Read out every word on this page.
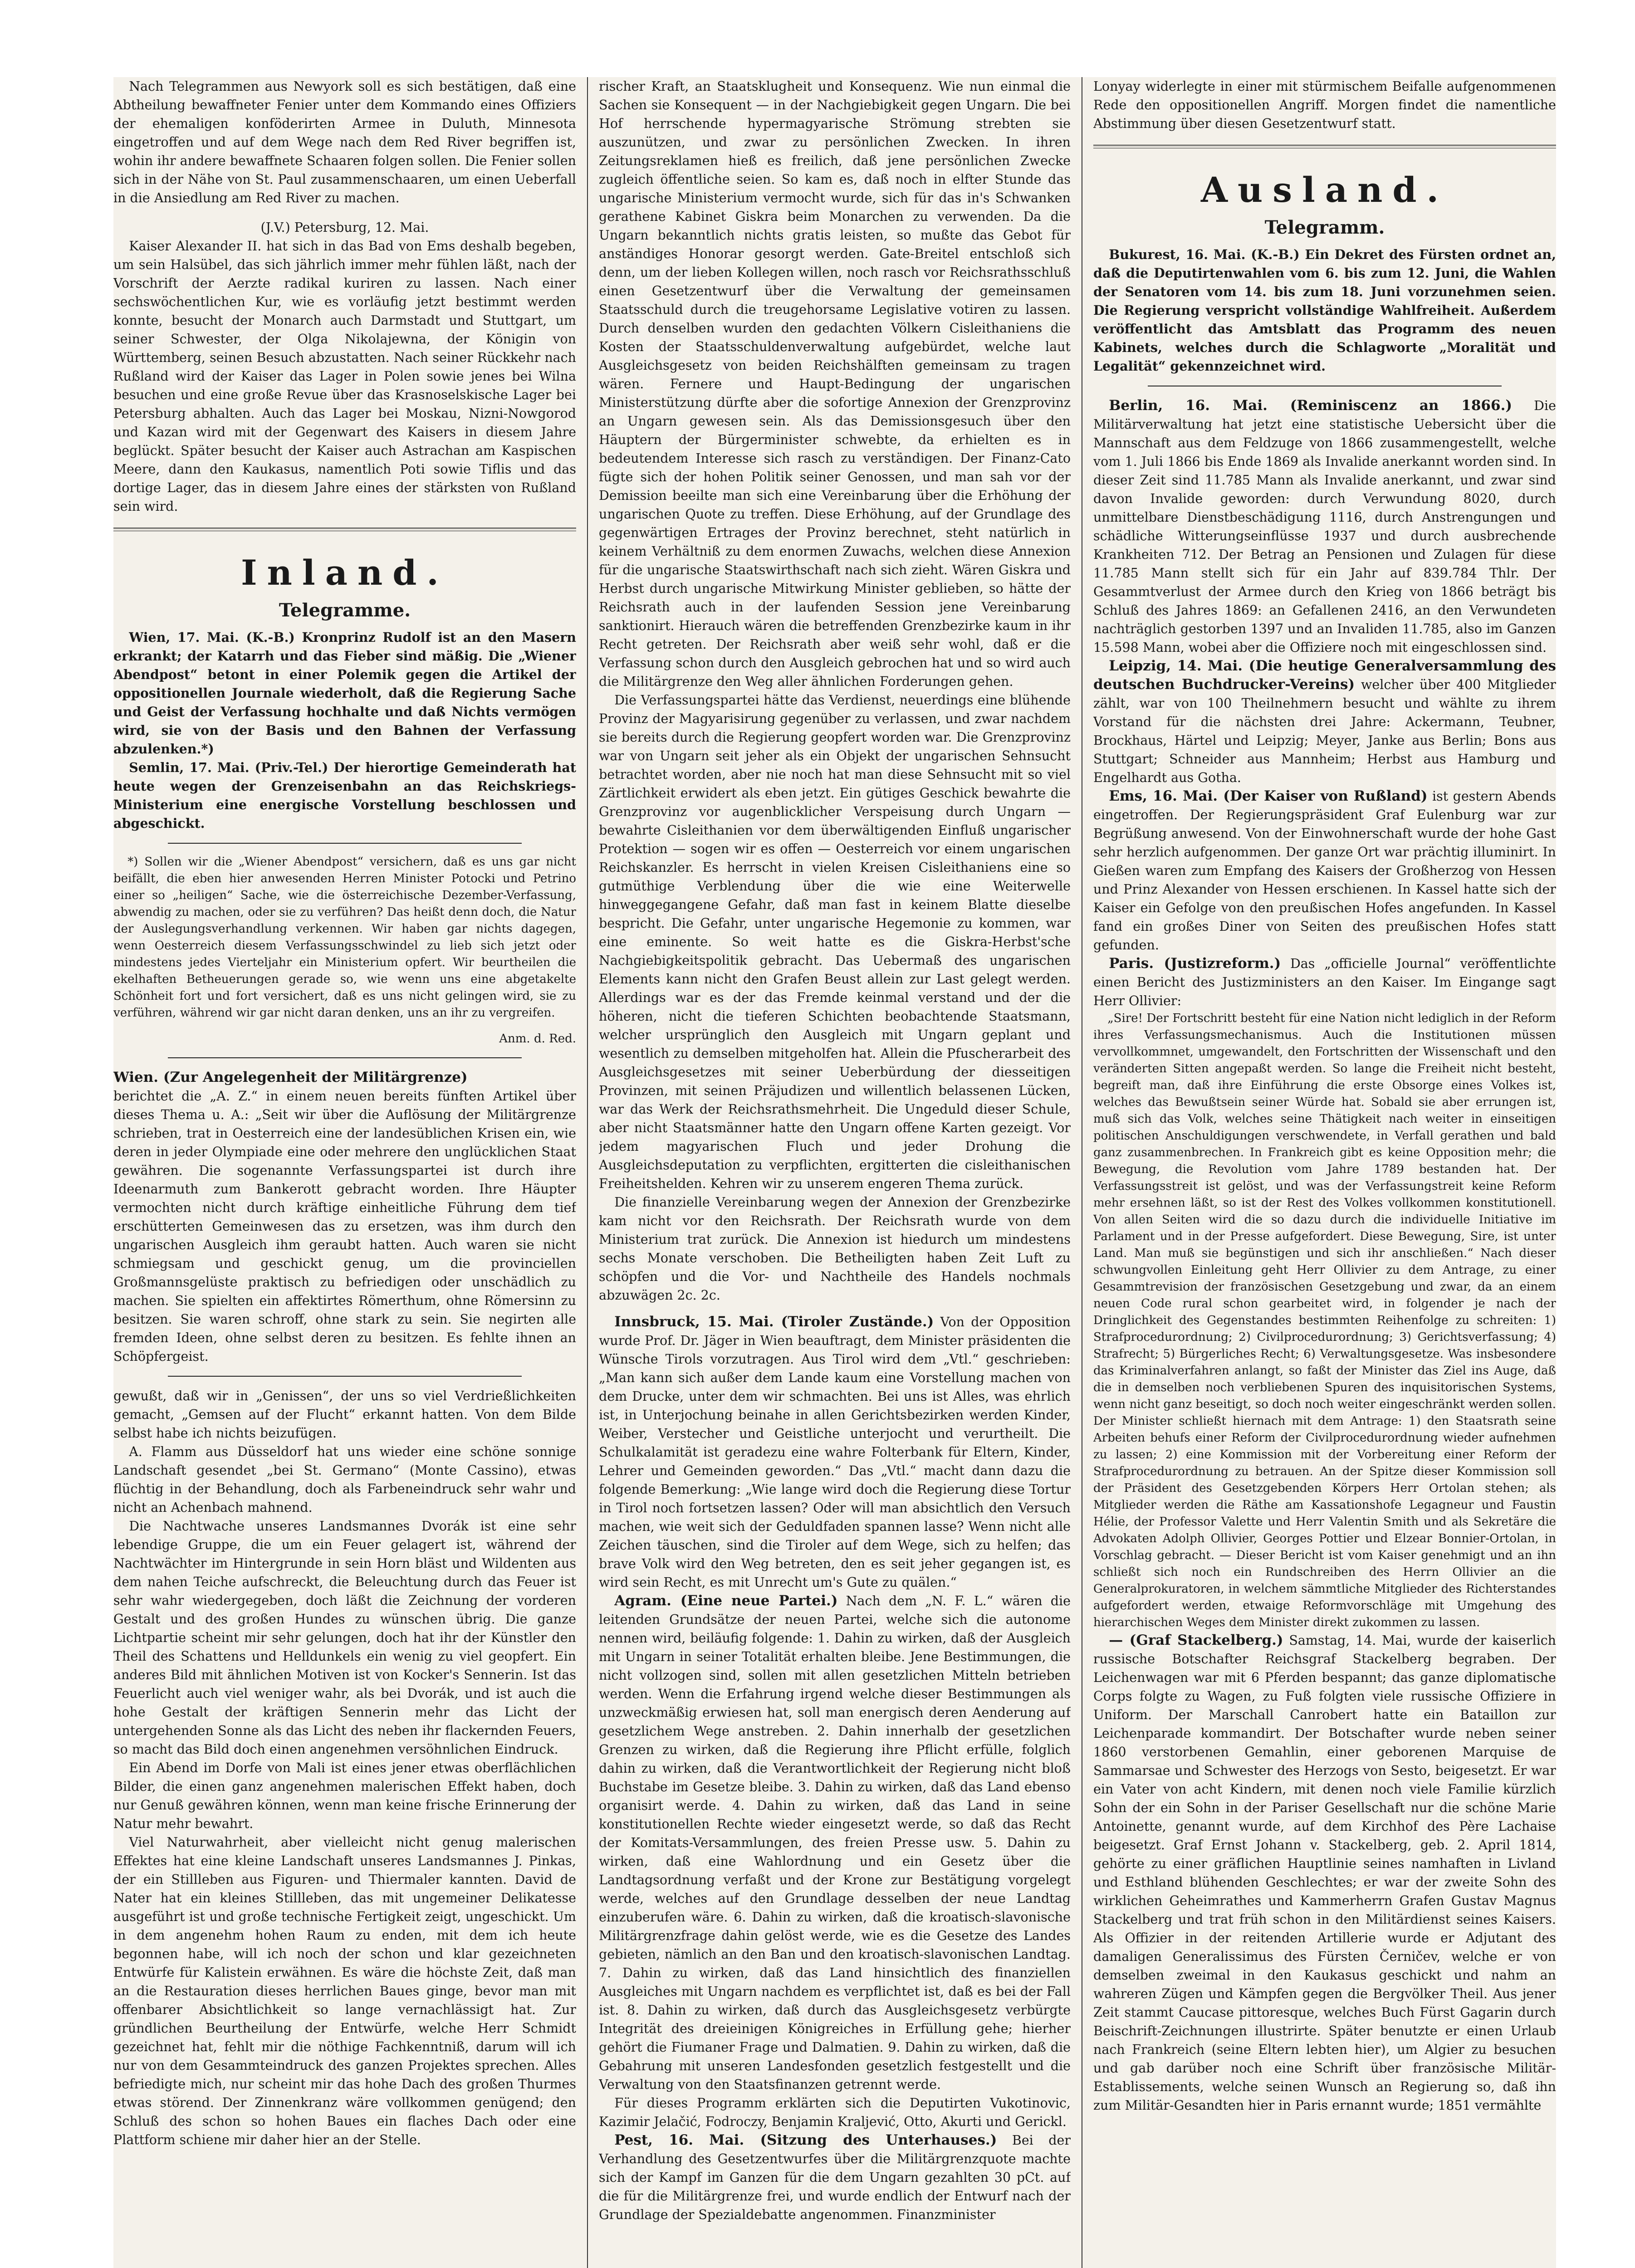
Nach Telegrammen aus Newyork soll es sich bestätigen, daß eine Abtheilung bewaffneter Fenier unter dem Kommando eines Offiziers der ehemaligen konföderirten Armee in Duluth, Minnesota eingetroffen und auf dem Wege nach dem Red River begriffen ist, wohin ihr andere bewaffnete Schaaren folgen sollen. Die Fenier sollen sich in der Nähe von St. Paul zusammenschaaren, um einen Ueberfall in die Ansiedlung am Red River zu machen.

(J.V.) Petersburg, 12. Mai.

Kaiser Alexander II. hat sich in das Bad von Ems deshalb begeben, um sein Halsübel, das sich jährlich immer mehr fühlen läßt, nach der Vorschrift der Aerzte radikal kuriren zu lassen. Nach einer sechswöchentlichen Kur, wie es vorläufig jetzt bestimmt werden konnte, besucht der Monarch auch Darmstadt und Stuttgart, um seiner Schwester, der Olga Nikolajewna, der Königin von Württemberg, seinen Besuch abzustatten. Nach seiner Rückkehr nach Rußland wird der Kaiser das Lager in Polen sowie jenes bei Wilna besuchen und eine große Revue über das Krasnoselskische Lager bei Petersburg abhalten. Auch das Lager bei Moskau, Nizni-Nowgorod und Kazan wird mit der Gegenwart des Kaisers in diesem Jahre beglückt. Später besucht der Kaiser auch Astrachan am Kaspischen Meere, dann den Kaukasus, namentlich Poti sowie Tiflis und das dortige Lager, das in diesem Jahre eines der stärksten von Rußland sein wird.

Inland.
Telegramme.

Wien, 17. Mai. (K.-B.) Kronprinz Rudolf ist an den Masern erkrankt; der Katarrh und das Fieber sind mäßig. Die „Wiener Abendpost“ betont in einer Polemik gegen die Artikel der oppositionellen Journale wiederholt, daß die Regierung Sache und Geist der Verfassung hochhalte und daß Nichts vermögen wird, sie von der Basis und den Bahnen der Verfassung abzulenken.*)

Semlin, 17. Mai. (Priv.-Tel.) Der hierortige Gemeinderath hat heute wegen der Grenzeisenbahn an das Reichskriegs-Ministerium eine energische Vorstellung beschlossen und abgeschickt.

*) Sollen wir die „Wiener Abendpost“ versichern, daß es uns gar nicht beifällt, die eben hier anwesenden Herren Minister Potocki und Petrino einer so „heiligen“ Sache, wie die österreichische Dezember-Verfassung, abwendig zu machen, oder sie zu verführen? Das heißt denn doch, die Natur der Auslegungsverhandlung verkennen. Wir haben gar nichts dagegen, wenn Oesterreich diesem Verfassungsschwindel zu lieb sich jetzt oder mindestens jedes Vierteljahr ein Ministerium opfert. Wir beurtheilen die ekelhaften Betheuerungen gerade so, wie wenn uns eine abgetakelte Schönheit fort und fort versichert, daß es uns nicht gelingen wird, sie zu verführen, während wir gar nicht daran denken, uns an ihr zu vergreifen.

Anm. d. Red.

Wien. (Zur Angelegenheit der Militärgrenze)

berichtet die „A. Z.“ in einem neuen bereits fünften Artikel über dieses Thema u. A.: „Seit wir über die Auflösung der Militärgrenze schrieben, trat in Oesterreich eine der landesüblichen Krisen ein, wie deren in jeder Olympiade eine oder mehrere den unglücklichen Staat gewähren. Die sogenannte Verfassungspartei ist durch ihre Ideenarmuth zum Bankerott gebracht worden. Ihre Häupter vermochten nicht durch kräftige einheitliche Führung dem tief erschütterten Gemeinwesen das zu ersetzen, was ihm durch den ungarischen Ausgleich ihm geraubt hatten. Auch waren sie nicht schmiegsam und geschickt genug, um die provinciellen Großmannsgelüste praktisch zu befriedigen oder unschädlich zu machen. Sie spielten ein affektirtes Römerthum, ohne Römersinn zu besitzen. Sie waren schroff, ohne stark zu sein. Sie negirten alle fremden Ideen, ohne selbst deren zu besitzen. Es fehlte ihnen an Schöpfergeist.

gewußt, daß wir in „Genissen“, der uns so viel Verdrießlichkeiten gemacht, „Gemsen auf der Flucht“ erkannt hatten. Von dem Bilde selbst habe ich nichts beizufügen.

A. Flamm aus Düsseldorf hat uns wieder eine schöne sonnige Landschaft gesendet „bei St. Germano“ (Monte Cassino), etwas flüchtig in der Behandlung, doch als Farbeneindruck sehr wahr und nicht an Achenbach mahnend.

Die Nachtwache unseres Landsmannes Dvorák ist eine sehr lebendige Gruppe, die um ein Feuer gelagert ist, während der Nachtwächter im Hintergrunde in sein Horn bläst und Wildenten aus dem nahen Teiche aufschreckt, die Beleuchtung durch das Feuer ist sehr wahr wiedergegeben, doch läßt die Zeichnung der vorderen Gestalt und des großen Hundes zu wünschen übrig. Die ganze Lichtpartie scheint mir sehr gelungen, doch hat ihr der Künstler den Theil des Schattens und Helldunkels ein wenig zu viel geopfert. Ein anderes Bild mit ähnlichen Motiven ist von Kocker's Sennerin. Ist das Feuerlicht auch viel weniger wahr, als bei Dvorák, und ist auch die hohe Gestalt der kräftigen Sennerin mehr das Licht der untergehenden Sonne als das Licht des neben ihr flackernden Feuers, so macht das Bild doch einen angenehmen versöhnlichen Eindruck.

Ein Abend im Dorfe von Mali ist eines jener etwas oberflächlichen Bilder, die einen ganz angenehmen malerischen Effekt haben, doch nur Genuß gewähren können, wenn man keine frische Erinnerung der Natur mehr bewahrt.

Viel Naturwahrheit, aber vielleicht nicht genug malerischen Effektes hat eine kleine Landschaft unseres Landsmannes J. Pinkas, der ein Stillleben aus Figuren- und Thiermaler kannten. David de Nater hat ein kleines Stillleben, das mit ungemeiner Delikatesse ausgeführt ist und große technische Fertigkeit zeigt, ungeschickt. Um in dem angenehm hohen Raum zu enden, mit dem ich heute begonnen habe, will ich noch der schon und klar gezeichneten Entwürfe für Kalistein erwähnen. Es wäre die höchste Zeit, daß man an die Restauration dieses herrlichen Baues ginge, bevor man mit offenbarer Absichtlichkeit so lange vernachlässigt hat. Zur gründlichen Beurtheilung der Entwürfe, welche Herr Schmidt gezeichnet hat, fehlt mir die nöthige Fachkenntniß, darum will ich nur von dem Gesammteindruck des ganzen Projektes sprechen. Alles befriedigte mich, nur scheint mir das hohe Dach des großen Thurmes etwas störend. Der Zinnenkranz wäre vollkommen genügend; den Schluß des schon so hohen Baues ein flaches Dach oder eine Plattform schiene mir daher hier an der Stelle.

rischer Kraft, an Staatsklugheit und Konsequenz. Wie nun einmal die Sachen sie Konsequent — in der Nachgiebigkeit gegen Ungarn. Die bei Hof herrschende hypermagyarische Strömung strebten sie auszunützen, und zwar zu persönlichen Zwecken. In ihren Zeitungsreklamen hieß es freilich, daß jene persönlichen Zwecke zugleich öffentliche seien. So kam es, daß noch in elfter Stunde das ungarische Ministerium vermocht wurde, sich für das in's Schwanken gerathene Kabinet Giskra beim Monarchen zu verwenden. Da die Ungarn bekanntlich nichts gratis leisten, so mußte das Gebot für anständiges Honorar gesorgt werden. Gate-Breitel entschloß sich denn, um der lieben Kollegen willen, noch rasch vor Reichsrathsschluß einen Gesetzentwurf über die Verwaltung der gemeinsamen Staatsschuld durch die treugehorsame Legislative votiren zu lassen. Durch denselben wurden den gedachten Völkern Cisleithaniens die Kosten der Staatsschuldenverwaltung aufgebürdet, welche laut Ausgleichsgesetz von beiden Reichshälften gemeinsam zu tragen wären. Fernere und Haupt-Bedingung der ungarischen Ministerstützung dürfte aber die sofortige Annexion der Grenzprovinz an Ungarn gewesen sein. Als das Demissionsgesuch über den Häuptern der Bürgerminister schwebte, da erhielten es in bedeutendem Interesse sich rasch zu verständigen. Der Finanz-Cato fügte sich der hohen Politik seiner Genossen, und man sah vor der Demission beeilte man sich eine Vereinbarung über die Erhöhung der ungarischen Quote zu treffen. Diese Erhöhung, auf der Grundlage des gegenwärtigen Ertrages der Provinz berechnet, steht natürlich in keinem Verhältniß zu dem enormen Zuwachs, welchen diese Annexion für die ungarische Staatswirthschaft nach sich zieht. Wären Giskra und Herbst durch ungarische Mitwirkung Minister geblieben, so hätte der Reichsrath auch in der laufenden Session jene Vereinbarung sanktionirt. Hierauch wären die betreffenden Grenzbezirke kaum in ihr Recht getreten. Der Reichsrath aber weiß sehr wohl, daß er die Verfassung schon durch den Ausgleich gebrochen hat und so wird auch die Militärgrenze den Weg aller ähnlichen Forderungen gehen.

Die Verfassungspartei hätte das Verdienst, neuerdings eine blühende Provinz der Magyarisirung gegenüber zu verlassen, und zwar nachdem sie bereits durch die Regierung geopfert worden war. Die Grenzprovinz war von Ungarn seit jeher als ein Objekt der ungarischen Sehnsucht betrachtet worden, aber nie noch hat man diese Sehnsucht mit so viel Zärtlichkeit erwidert als eben jetzt. Ein gütiges Geschick bewahrte die Grenzprovinz vor augenblicklicher Verspeisung durch Ungarn — bewahrte Cisleithanien vor dem überwältigenden Einfluß ungarischer Protektion — sogen wir es offen — Oesterreich vor einem ungarischen Reichskanzler. Es herrscht in vielen Kreisen Cisleithaniens eine so gutmüthige Verblendung über die wie eine Weiterwelle hinweggegangene Gefahr, daß man fast in keinem Blatte dieselbe bespricht. Die Gefahr, unter ungarische Hegemonie zu kommen, war eine eminente. So weit hatte es die Giskra-Herbst'sche Nachgiebigkeitspolitik gebracht. Das Uebermaß des ungarischen Elements kann nicht den Grafen Beust allein zur Last gelegt werden. Allerdings war es der das Fremde keinmal verstand und der die höheren, nicht die tieferen Schichten beobachtende Staatsmann, welcher ursprünglich den Ausgleich mit Ungarn geplant und wesentlich zu demselben mitgeholfen hat. Allein die Pfuscherarbeit des Ausgleichsgesetzes mit seiner Ueberbürdung der diesseitigen Provinzen, mit seinen Präjudizen und willentlich belassenen Lücken, war das Werk der Reichsrathsmehrheit. Die Ungeduld dieser Schule, aber nicht Staatsmänner hatte den Ungarn offene Karten gezeigt. Vor jedem magyarischen Fluch und jeder Drohung die Ausgleichsdeputation zu verpflichten, ergitterten die cisleithanischen Freiheitshelden. Kehren wir zu unserem engeren Thema zurück.

Die finanzielle Vereinbarung wegen der Annexion der Grenzbezirke kam nicht vor den Reichsrath. Der Reichsrath wurde von dem Ministerium trat zurück. Die Annexion ist hiedurch um mindestens sechs Monate verschoben. Die Betheiligten haben Zeit Luft zu schöpfen und die Vor- und Nachtheile des Handels nochmals abzuwägen 2c. 2c.

Innsbruck, 15. Mai. (Tiroler Zustände.) Von der Opposition wurde Prof. Dr. Jäger in Wien beauftragt, dem Minister präsidenten die Wünsche Tirols vorzutragen. Aus Tirol wird dem „Vtl.“ geschrieben: „Man kann sich außer dem Lande kaum eine Vorstellung machen von dem Drucke, unter dem wir schmachten. Bei uns ist Alles, was ehrlich ist, in Unterjochung beinahe in allen Gerichtsbezirken werden Kinder, Weiber, Verstecher und Geistliche unterjocht und verurtheilt. Die Schulkalamität ist geradezu eine wahre Folterbank für Eltern, Kinder, Lehrer und Gemeinden geworden.“ Das „Vtl.“ macht dann dazu die folgende Bemerkung: „Wie lange wird doch die Regierung diese Tortur in Tirol noch fortsetzen lassen? Oder will man absichtlich den Versuch machen, wie weit sich der Geduldfaden spannen lasse? Wenn nicht alle Zeichen täuschen, sind die Tiroler auf dem Wege, sich zu helfen; das brave Volk wird den Weg betreten, den es seit jeher gegangen ist, es wird sein Recht, es mit Unrecht um's Gute zu quälen.“

Agram. (Eine neue Partei.) Nach dem „N. F. L.“ wären die leitenden Grundsätze der neuen Partei, welche sich die autonome nennen wird, beiläufig folgende: 1. Dahin zu wirken, daß der Ausgleich mit Ungarn in seiner Totalität erhalten bleibe. Jene Bestimmungen, die nicht vollzogen sind, sollen mit allen gesetzlichen Mitteln betrieben werden. Wenn die Erfahrung irgend welche dieser Bestimmungen als unzweckmäßig erwiesen hat, soll man energisch deren Aenderung auf gesetzlichem Wege anstreben. 2. Dahin innerhalb der gesetzlichen Grenzen zu wirken, daß die Regierung ihre Pflicht erfülle, folglich dahin zu wirken, daß die Verantwortlichkeit der Regierung nicht bloß Buchstabe im Gesetze bleibe. 3. Dahin zu wirken, daß das Land ebenso organisirt werde. 4. Dahin zu wirken, daß das Land in seine konstitutionellen Rechte wieder eingesetzt werde, so daß das Recht der Komitats-Versammlungen, des freien Presse usw. 5. Dahin zu wirken, daß eine Wahlordnung und ein Gesetz über die Landtagsordnung verfaßt und der Krone zur Bestätigung vorgelegt werde, welches auf den Grundlage desselben der neue Landtag einzuberufen wäre. 6. Dahin zu wirken, daß die kroatisch-slavonische Militärgrenzfrage dahin gelöst werde, wie es die Gesetze des Landes gebieten, nämlich an den Ban und den kroatisch-slavonischen Landtag. 7. Dahin zu wirken, daß das Land hinsichtlich des finanziellen Ausgleiches mit Ungarn nachdem es verpflichtet ist, daß es bei der Fall ist. 8. Dahin zu wirken, daß durch das Ausgleichsgesetz verbürgte Integrität des dreieinigen Königreiches in Erfüllung gehe; hierher gehört die Fiumaner Frage und Dalmatien. 9. Dahin zu wirken, daß die Gebahrung mit unseren Landesfonden gesetzlich festgestellt und die Verwaltung von den Staatsfinanzen getrennt werde.

Für dieses Programm erklärten sich die Deputirten Vukotinovic, Kazimir Jelačić, Fodroczy, Benjamin Kraljević, Otto, Akurti und Gerickl.

Pest, 16. Mai. (Sitzung des Unterhauses.) Bei der Verhandlung des Gesetzentwurfes über die Militärgrenzquote machte sich der Kampf im Ganzen für die dem Ungarn gezahlten 30 pCt. auf die für die Militärgrenze frei, und wurde endlich der Entwurf nach der Grundlage der Spezialdebatte angenommen. Finanzminister

Lonyay widerlegte in einer mit stürmischem Beifalle aufgenommenen Rede den oppositionellen Angriff. Morgen findet die namentliche Abstimmung über diesen Gesetzentwurf statt.

Ausland.
Telegramm.

Bukurest, 16. Mai. (K.-B.) Ein Dekret des Fürsten ordnet an, daß die Deputirtenwahlen vom 6. bis zum 12. Juni, die Wahlen der Senatoren vom 14. bis zum 18. Juni vorzunehmen seien. Die Regierung verspricht vollständige Wahlfreiheit. Außerdem veröffentlicht das Amtsblatt das Programm des neuen Kabinets, welches durch die Schlagworte „Moralität und Legalität“ gekennzeichnet wird.

Berlin, 16. Mai. (Reminiscenz an 1866.) Die Militärverwaltung hat jetzt eine statistische Uebersicht über die Mannschaft aus dem Feldzuge von 1866 zusammengestellt, welche vom 1. Juli 1866 bis Ende 1869 als Invalide anerkannt worden sind. In dieser Zeit sind 11.785 Mann als Invalide anerkannt, und zwar sind davon Invalide geworden: durch Verwundung 8020, durch unmittelbare Dienstbeschädigung 1116, durch Anstrengungen und schädliche Witterungseinflüsse 1937 und durch ausbrechende Krankheiten 712. Der Betrag an Pensionen und Zulagen für diese 11.785 Mann stellt sich für ein Jahr auf 839.784 Thlr. Der Gesammtverlust der Armee durch den Krieg von 1866 beträgt bis Schluß des Jahres 1869: an Gefallenen 2416, an den Verwundeten nachträglich gestorben 1397 und an Invaliden 11.785, also im Ganzen 15.598 Mann, wobei aber die Offiziere noch mit eingeschlossen sind.

Leipzig, 14. Mai. (Die heutige Generalversammlung des deutschen Buchdrucker-Vereins) welcher über 400 Mitglieder zählt, war von 100 Theilnehmern besucht und wählte zu ihrem Vorstand für die nächsten drei Jahre: Ackermann, Teubner, Brockhaus, Härtel und Leipzig; Meyer, Janke aus Berlin; Bons aus Stuttgart; Schneider aus Mannheim; Herbst aus Hamburg und Engelhardt aus Gotha.

Ems, 16. Mai. (Der Kaiser von Rußland) ist gestern Abends eingetroffen. Der Regierungspräsident Graf Eulenburg war zur Begrüßung anwesend. Von der Einwohnerschaft wurde der hohe Gast sehr herzlich aufgenommen. Der ganze Ort war prächtig illuminirt. In Gießen waren zum Empfang des Kaisers der Großherzog von Hessen und Prinz Alexander von Hessen erschienen. In Kassel hatte sich der Kaiser ein Gefolge von den preußischen Hofes angefunden. In Kassel fand ein großes Diner von Seiten des preußischen Hofes statt gefunden.

Paris. (Justizreform.) Das „officielle Journal“ veröffentlichte einen Bericht des Justizministers an den Kaiser. Im Eingange sagt Herr Ollivier:

„Sire! Der Fortschritt besteht für eine Nation nicht lediglich in der Reform ihres Verfassungsmechanismus. Auch die Institutionen müssen vervollkommnet, umgewandelt, den Fortschritten der Wissenschaft und den veränderten Sitten angepaßt werden. So lange die Freiheit nicht besteht, begreift man, daß ihre Einführung die erste Obsorge eines Volkes ist, welches das Bewußtsein seiner Würde hat. Sobald sie aber errungen ist, muß sich das Volk, welches seine Thätigkeit nach weiter in einseitigen politischen Anschuldigungen verschwendete, in Verfall gerathen und bald ganz zusammenbrechen. In Frankreich gibt es keine Opposition mehr; die Bewegung, die Revolution vom Jahre 1789 bestanden hat. Der Verfassungsstreit ist gelöst, und was der Verfassungstreit keine Reform mehr ersehnen läßt, so ist der Rest des Volkes vollkommen konstitutionell. Von allen Seiten wird die so dazu durch die individuelle Initiative im Parlament und in der Presse aufgefordert. Diese Bewegung, Sire, ist unter Land. Man muß sie begünstigen und sich ihr anschließen.“ Nach dieser schwungvollen Einleitung geht Herr Ollivier zu dem Antrage, zu einer Gesammtrevision der französischen Gesetzgebung und zwar, da an einem neuen Code rural schon gearbeitet wird, in folgender je nach der Dringlichkeit des Gegenstandes bestimmten Reihenfolge zu schreiten: 1) Strafprocedurordnung; 2) Civilprocedurordnung; 3) Gerichtsverfassung; 4) Strafrecht; 5) Bürgerliches Recht; 6) Verwaltungsgesetze. Was insbesondere das Kriminalverfahren anlangt, so faßt der Minister das Ziel ins Auge, daß die in demselben noch verbliebenen Spuren des inquisitorischen Systems, wenn nicht ganz beseitigt, so doch noch weiter eingeschränkt werden sollen. Der Minister schließt hiernach mit dem Antrage: 1) den Staatsrath seine Arbeiten behufs einer Reform der Civilprocedurordnung wieder aufnehmen zu lassen; 2) eine Kommission mit der Vorbereitung einer Reform der Strafprocedurordnung zu betrauen. An der Spitze dieser Kommission soll der Präsident des Gesetzgebenden Körpers Herr Ortolan stehen; als Mitglieder werden die Räthe am Kassationshofe Legagneur und Faustin Hélie, der Professor Valette und Herr Valentin Smith und als Sekretäre die Advokaten Adolph Ollivier, Georges Pottier und Elzear Bonnier-Ortolan, in Vorschlag gebracht. — Dieser Bericht ist vom Kaiser genehmigt und an ihn schließt sich noch ein Rundschreiben des Herrn Ollivier an die Generalprokuratoren, in welchem sämmtliche Mitglieder des Richterstandes aufgefordert werden, etwaige Reformvorschläge mit Umgehung des hierarchischen Weges dem Minister direkt zukommen zu lassen.

— (Graf Stackelberg.) Samstag, 14. Mai, wurde der kaiserlich russische Botschafter Reichsgraf Stackelberg begraben. Der Leichenwagen war mit 6 Pferden bespannt; das ganze diplomatische Corps folgte zu Wagen, zu Fuß folgten viele russische Offiziere in Uniform. Der Marschall Canrobert hatte ein Bataillon zur Leichenparade kommandirt. Der Botschafter wurde neben seiner 1860 verstorbenen Gemahlin, einer geborenen Marquise de Sammarsae und Schwester des Herzogs von Sesto, beigesetzt. Er war ein Vater von acht Kindern, mit denen noch viele Familie kürzlich Sohn der ein Sohn in der Pariser Gesellschaft nur die schöne Marie Antoinette, genannt wurde, auf dem Kirchhof des Père Lachaise beigesetzt. Graf Ernst Johann v. Stackelberg, geb. 2. April 1814, gehörte zu einer gräflichen Hauptlinie seines namhaften in Livland und Esthland blühenden Geschlechtes; er war der zweite Sohn des wirklichen Geheimrathes und Kammerherrn Grafen Gustav Magnus Stackelberg und trat früh schon in den Militärdienst seines Kaisers. Als Offizier in der reitenden Artillerie wurde er Adjutant des damaligen Generalissimus des Fürsten Černičev, welche er von demselben zweimal in den Kaukasus geschickt und nahm an wahreren Zügen und Kämpfen gegen die Bergvölker Theil. Aus jener Zeit stammt Caucase pittoresque, welches Buch Fürst Gagarin durch Beischrift-Zeichnungen illustrirte. Später benutzte er einen Urlaub nach Frankreich (seine Eltern lebten hier), um Algier zu besuchen und gab darüber noch eine Schrift über französische Militär-Establissements, welche seinen Wunsch an Regierung so, daß ihn zum Militär-Gesandten hier in Paris ernannt wurde; 1851 vermählte
